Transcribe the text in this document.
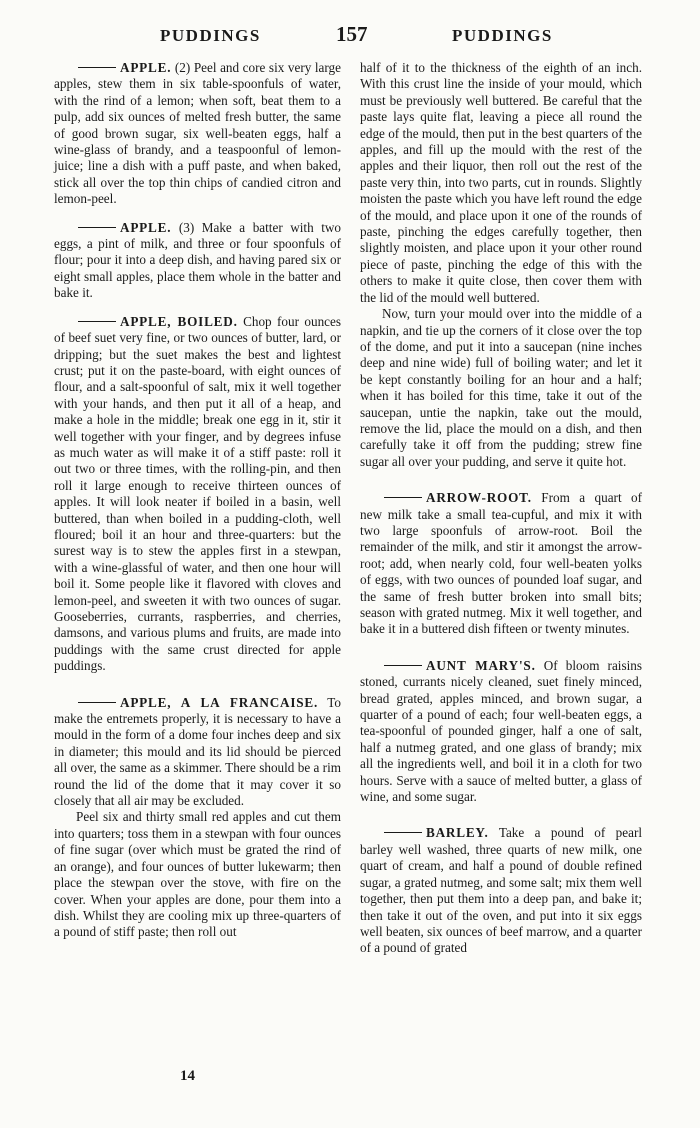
PUDDINGS	157	PUDDINGS

APPLE. (2) Peel and core six very large apples, stew them in six table-spoonfuls of water, with the rind of a lemon; when soft, beat them to a pulp, add six ounces of melted fresh butter, the same of good brown sugar, six well-beaten eggs, half a wine-glass of brandy, and a teaspoonful of lemon-juice; line a dish with a puff paste, and when baked, stick all over the top thin chips of candied citron and lemon-peel.

APPLE. (3) Make a batter with two eggs, a pint of milk, and three or four spoonfuls of flour; pour it into a deep dish, and having pared six or eight small apples, place them whole in the batter and bake it.

APPLE, BOILED. Chop four ounces of beef suet very fine, or two ounces of butter, lard, or dripping; but the suet makes the best and lightest crust; put it on the paste-board, with eight ounces of flour, and a salt-spoonful of salt, mix it well together with your hands, and then put it all of a heap, and make a hole in the middle; break one egg in it, stir it well together with your finger, and by degrees infuse as much water as will make it of a stiff paste: roll it out two or three times, with the rolling-pin, and then roll it large enough to receive thirteen ounces of apples. It will look neater if boiled in a basin, well buttered, than when boiled in a pudding-cloth, well floured; boil it an hour and three-quarters: but the surest way is to stew the apples first in a stewpan, with a wine-glassful of water, and then one hour will boil it. Some people like it flavored with cloves and lemon-peel, and sweeten it with two ounces of sugar. Gooseberries, currants, raspberries, and cherries, damsons, and various plums and fruits, are made into puddings with the same crust directed for apple puddings.

APPLE, A LA FRANCAISE. To make the entremets properly, it is necessary to have a mould in the form of a dome four inches deep and six in diameter; this mould and its lid should be pierced all over, the same as a skimmer. There should be a rim round the lid of the dome that it may cover it so closely that all air may be excluded.

Peel six and thirty small red apples and cut them into quarters; toss them in a stewpan with four ounces of fine sugar (over which must be grated the rind of an orange), and four ounces of butter lukewarm; then place the stewpan over the stove, with fire on the cover. When your apples are done, pour them into a dish. Whilst they are cooling mix up three-quarters of a pound of stiff paste; then roll out

half of it to the thickness of the eighth of an inch. With this crust line the inside of your mould, which must be previously well buttered. Be careful that the paste lays quite flat, leaving a piece all round the edge of the mould, then put in the best quarters of the apples, and fill up the mould with the rest of the apples and their liquor, then roll out the rest of the paste very thin, into two parts, cut in rounds. Slightly moisten the paste which you have left round the edge of the mould, and place upon it one of the rounds of paste, pinching the edges carefully together, then slightly moisten, and place upon it your other round piece of paste, pinching the edge of this with the others to make it quite close, then cover them with the lid of the mould well buttered.

Now, turn your mould over into the middle of a napkin, and tie up the corners of it close over the top of the dome, and put it into a saucepan (nine inches deep and nine wide) full of boiling water; and let it be kept constantly boiling for an hour and a half; when it has boiled for this time, take it out of the saucepan, untie the napkin, take out the mould, remove the lid, place the mould on a dish, and then carefully take it off from the pudding; strew fine sugar all over your pudding, and serve it quite hot.

ARROW-ROOT. From a quart of new milk take a small tea-cupful, and mix it with two large spoonfuls of arrow-root. Boil the remainder of the milk, and stir it amongst the arrow-root; add, when nearly cold, four well-beaten yolks of eggs, with two ounces of pounded loaf sugar, and the same of fresh butter broken into small bits; season with grated nutmeg. Mix it well together, and bake it in a buttered dish fifteen or twenty minutes.

AUNT MARY'S. Of bloom raisins stoned, currants nicely cleaned, suet finely minced, bread grated, apples minced, and brown sugar, a quarter of a pound of each; four well-beaten eggs, a tea-spoonful of pounded ginger, half a one of salt, half a nutmeg grated, and one glass of brandy; mix all the ingredients well, and boil it in a cloth for two hours. Serve with a sauce of melted butter, a glass of wine, and some sugar.

BARLEY. Take a pound of pearl barley well washed, three quarts of new milk, one quart of cream, and half a pound of double refined sugar, a grated nutmeg, and some salt; mix them well together, then put them into a deep pan, and bake it; then take it out of the oven, and put into it six eggs well beaten, six ounces of beef marrow, and a quarter of a pound of grated

14
